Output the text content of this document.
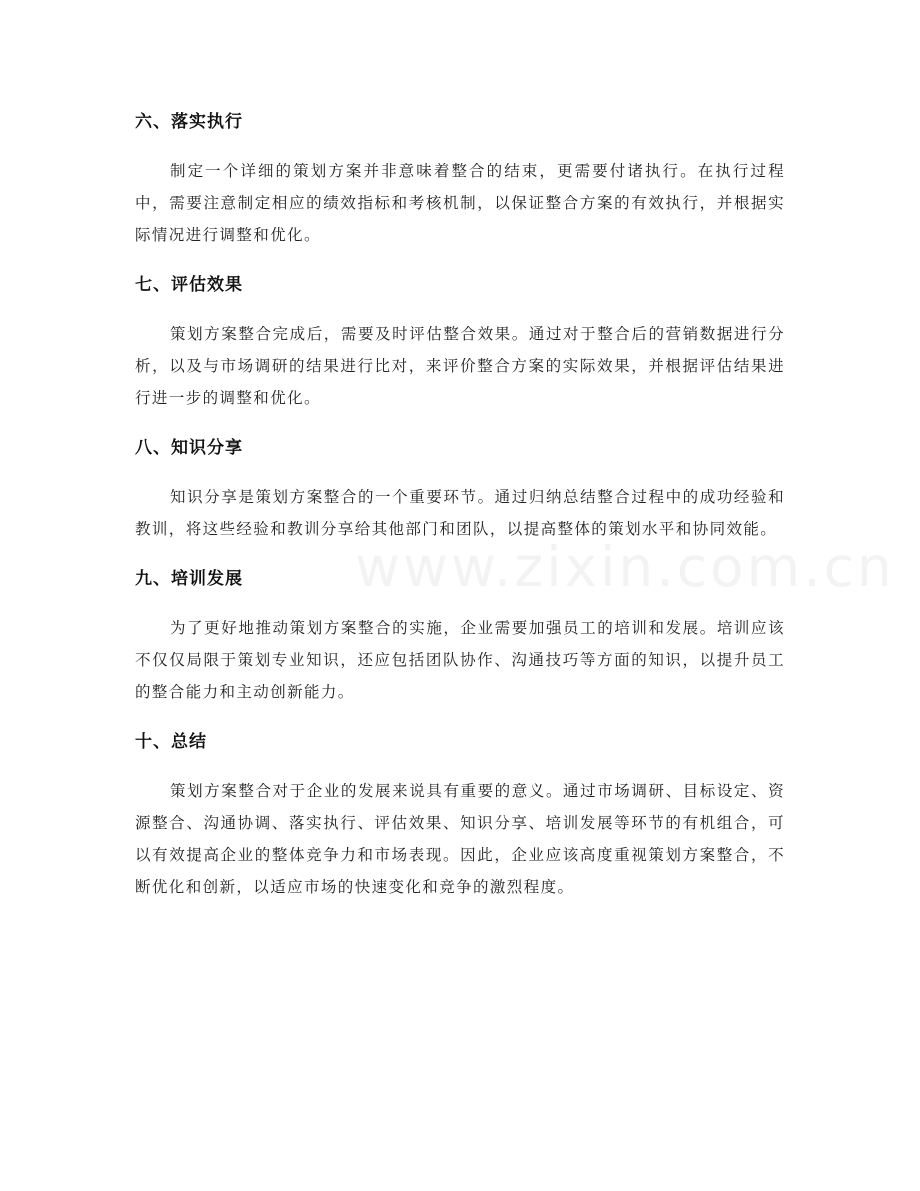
www.zixin.com.cn
六、落实执行

制定一个详细的策划方案并非意味着整合的结束，更需要付诸执行。在执行过程中，需要注意制定相应的绩效指标和考核机制，以保证整合方案的有效执行，并根据实际情况进行调整和优化。

七、评估效果

策划方案整合完成后，需要及时评估整合效果。通过对于整合后的营销数据进行分析，以及与市场调研的结果进行比对，来评价整合方案的实际效果，并根据评估结果进行进一步的调整和优化。

八、知识分享

知识分享是策划方案整合的一个重要环节。通过归纳总结整合过程中的成功经验和教训，将这些经验和教训分享给其他部门和团队，以提高整体的策划水平和协同效能。

九、培训发展

为了更好地推动策划方案整合的实施，企业需要加强员工的培训和发展。培训应该不仅仅局限于策划专业知识，还应包括团队协作、沟通技巧等方面的知识，以提升员工的整合能力和主动创新能力。

十、总结

策划方案整合对于企业的发展来说具有重要的意义。通过市场调研、目标设定、资源整合、沟通协调、落实执行、评估效果、知识分享、培训发展等环节的有机组合，可以有效提高企业的整体竞争力和市场表现。因此，企业应该高度重视策划方案整合，不断优化和创新，以适应市场的快速变化和竞争的激烈程度。
